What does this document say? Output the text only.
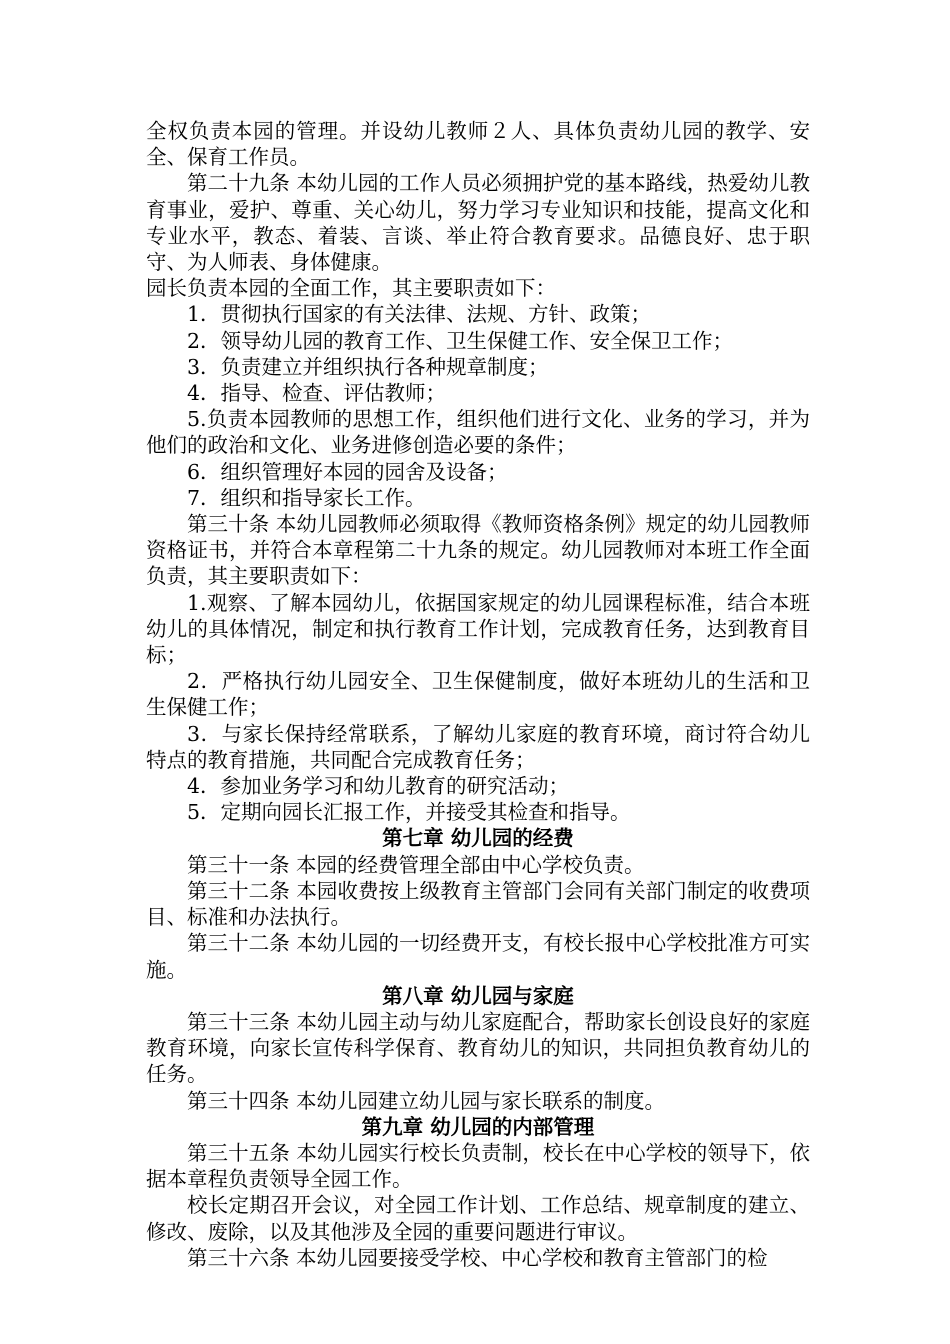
全权负责本园的管理。并设幼儿教师２人、具体负责幼儿园的教学、安全、保育工作员。

第二十九条 本幼儿园的工作人员必须拥护党的基本路线，热爱幼儿教育事业，爱护、尊重、关心幼儿，努力学习专业知识和技能，提高文化和专业水平，教态、着装、言谈、举止符合教育要求。品德良好、忠于职守、为人师表、身体健康。

园长负责本园的全面工作，其主要职责如下：

1．贯彻执行国家的有关法律、法规、方针、政策；

2．领导幼儿园的教育工作、卫生保健工作、安全保卫工作；

3．负责建立并组织执行各种规章制度；

4．指导、检查、评估教师；

5.负责本园教师的思想工作，组织他们进行文化、业务的学习，并为他们的政治和文化、业务进修创造必要的条件；

6．组织管理好本园的园舍及设备；

7．组织和指导家长工作。

第三十条 本幼儿园教师必须取得《教师资格条例》规定的幼儿园教师资格证书，并符合本章程第二十九条的规定。幼儿园教师对本班工作全面负责，其主要职责如下：

1.观察、了解本园幼儿，依据国家规定的幼儿园课程标准，结合本班幼儿的具体情况，制定和执行教育工作计划，完成教育任务，达到教育目标；

2．严格执行幼儿园安全、卫生保健制度，做好本班幼儿的生活和卫生保健工作；

3．与家长保持经常联系，了解幼儿家庭的教育环境，商讨符合幼儿特点的教育措施，共同配合完成教育任务；

4．参加业务学习和幼儿教育的研究活动；

5．定期向园长汇报工作，并接受其检查和指导。

第七章 幼儿园的经费

第三十一条 本园的经费管理全部由中心学校负责。

第三十二条 本园收费按上级教育主管部门会同有关部门制定的收费项目、标准和办法执行。

第三十二条 本幼儿园的一切经费开支，有校长报中心学校批准方可实施。

第八章 幼儿园与家庭

第三十三条 本幼儿园主动与幼儿家庭配合，帮助家长创设良好的家庭教育环境，向家长宣传科学保育、教育幼儿的知识，共同担负教育幼儿的任务。

第三十四条 本幼儿园建立幼儿园与家长联系的制度。

第九章 幼儿园的内部管理

第三十五条 本幼儿园实行校长负责制，校长在中心学校的领导下，依据本章程负责领导全园工作。

校长定期召开会议，对全园工作计划、工作总结、规章制度的建立、修改、废除，以及其他涉及全园的重要问题进行审议。

第三十六条 本幼儿园要接受学校、中心学校和教育主管部门的检
